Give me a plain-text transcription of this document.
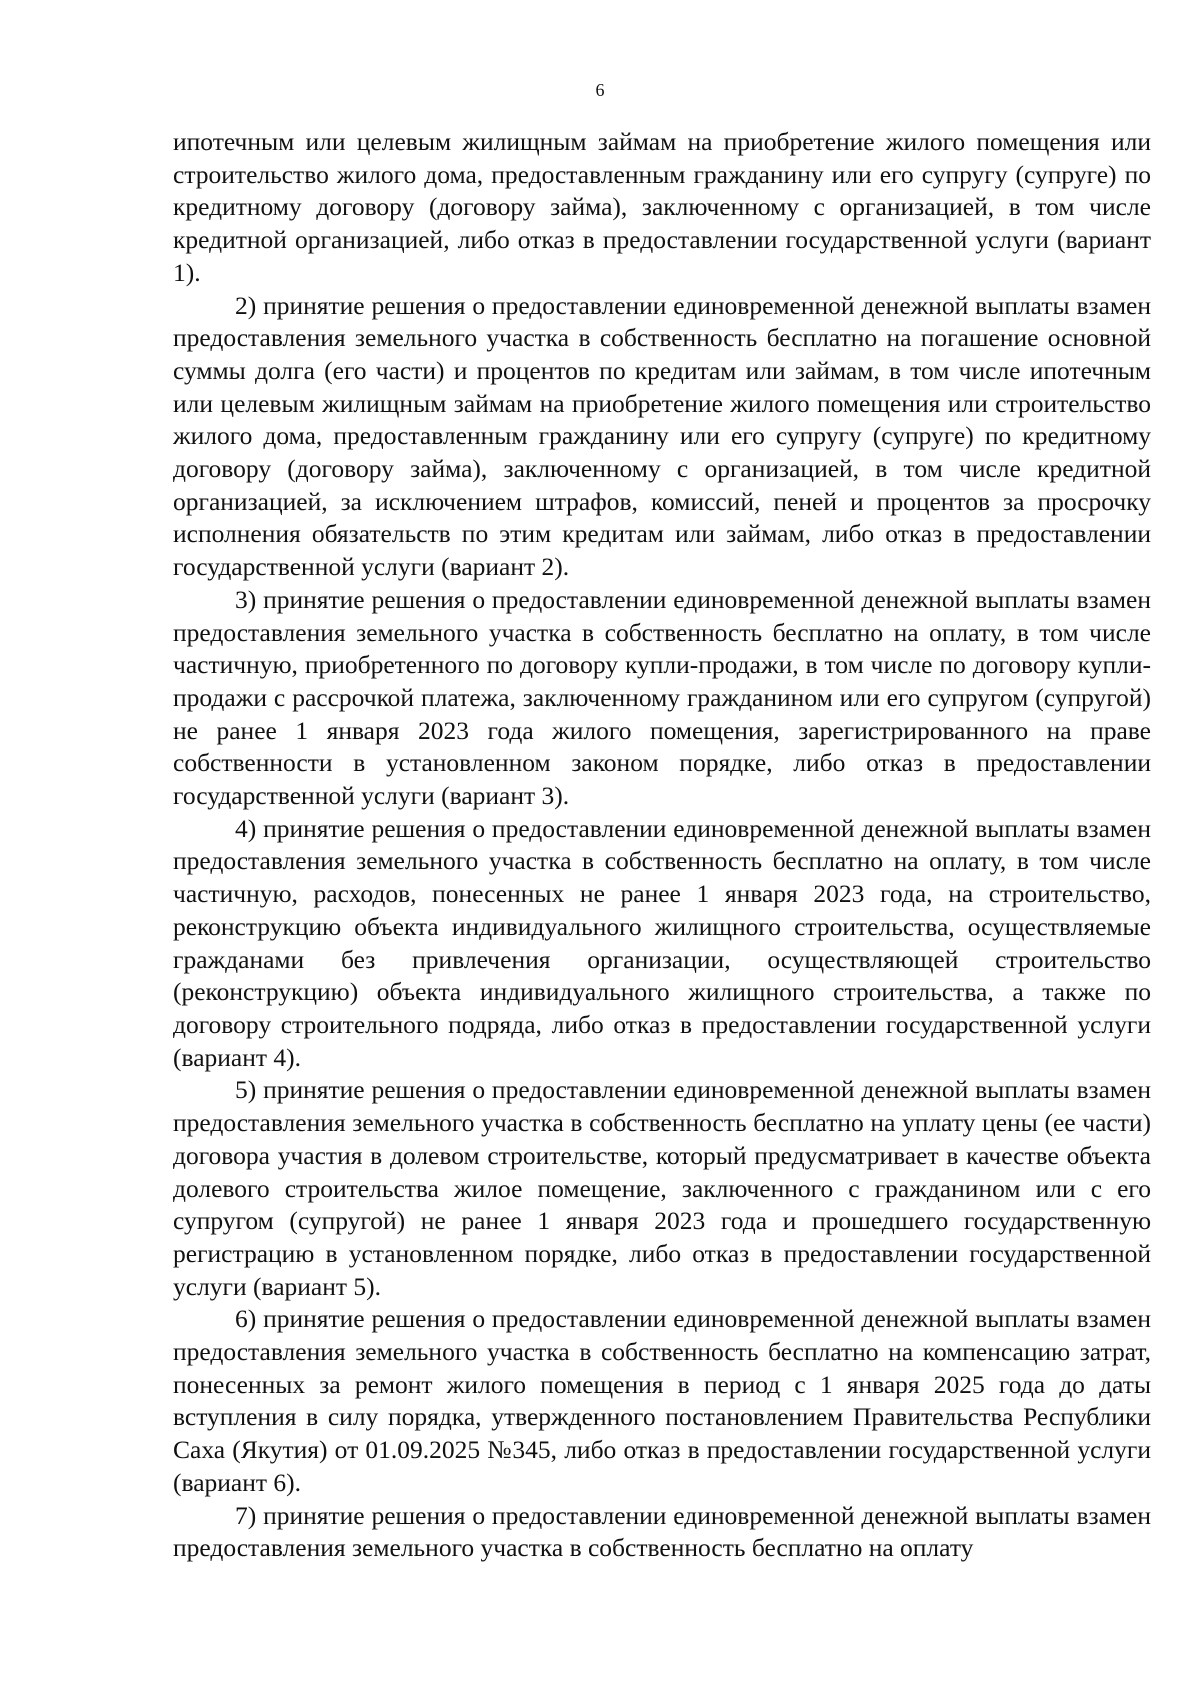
6

ипотечным или целевым жилищным займам на приобретение жилого помещения или строительство жилого дома, предоставленным гражданину или его супругу (супруге) по кредитному договору (договору займа), заключенному с организацией, в том числе кредитной организацией, либо отказ в предоставлении государственной услуги (вариант 1).

2) принятие решения о предоставлении единовременной денежной выплаты взамен предоставления земельного участка в собственность бесплатно на погашение основной суммы долга (его части) и процентов по кредитам или займам, в том числе ипотечным или целевым жилищным займам на приобретение жилого помещения или строительство жилого дома, предоставленным гражданину или его супругу (супруге) по кредитному договору (договору займа), заключенному с организацией, в том числе кредитной организацией, за исключением штрафов, комиссий, пеней и процентов за просрочку исполнения обязательств по этим кредитам или займам, либо отказ в предоставлении государственной услуги (вариант 2).

3) принятие решения о предоставлении единовременной денежной выплаты взамен предоставления земельного участка в собственность бесплатно на оплату, в том числе частичную, приобретенного по договору купли-продажи, в том числе по договору купли-продажи с рассрочкой платежа, заключенному гражданином или его супругом (супругой) не ранее 1 января 2023 года жилого помещения, зарегистрированного на праве собственности в установленном законом порядке, либо отказ в предоставлении государственной услуги (вариант 3).

4) принятие решения о предоставлении единовременной денежной выплаты взамен предоставления земельного участка в собственность бесплатно на оплату, в том числе частичную, расходов, понесенных не ранее 1 января 2023 года, на строительство, реконструкцию объекта индивидуального жилищного строительства, осуществляемые гражданами без привлечения организации, осуществляющей строительство (реконструкцию) объекта индивидуального жилищного строительства, а также по договору строительного подряда, либо отказ в предоставлении государственной услуги (вариант 4).

5) принятие решения о предоставлении единовременной денежной выплаты взамен предоставления земельного участка в собственность бесплатно на уплату цены (ее части) договора участия в долевом строительстве, который предусматривает в качестве объекта долевого строительства жилое помещение, заключенного с гражданином или с его супругом (супругой) не ранее 1 января 2023 года и прошедшего государственную регистрацию в установленном порядке, либо отказ в предоставлении государственной услуги (вариант 5).

6) принятие решения о предоставлении единовременной денежной выплаты взамен предоставления земельного участка в собственность бесплатно на компенсацию затрат, понесенных за ремонт жилого помещения в период с 1 января 2025 года до даты вступления в силу порядка, утвержденного постановлением Правительства Республики Саха (Якутия) от 01.09.2025 №345, либо отказ в предоставлении государственной услуги (вариант 6).

7) принятие решения о предоставлении единовременной денежной выплаты взамен предоставления земельного участка в собственность бесплатно на оплату
